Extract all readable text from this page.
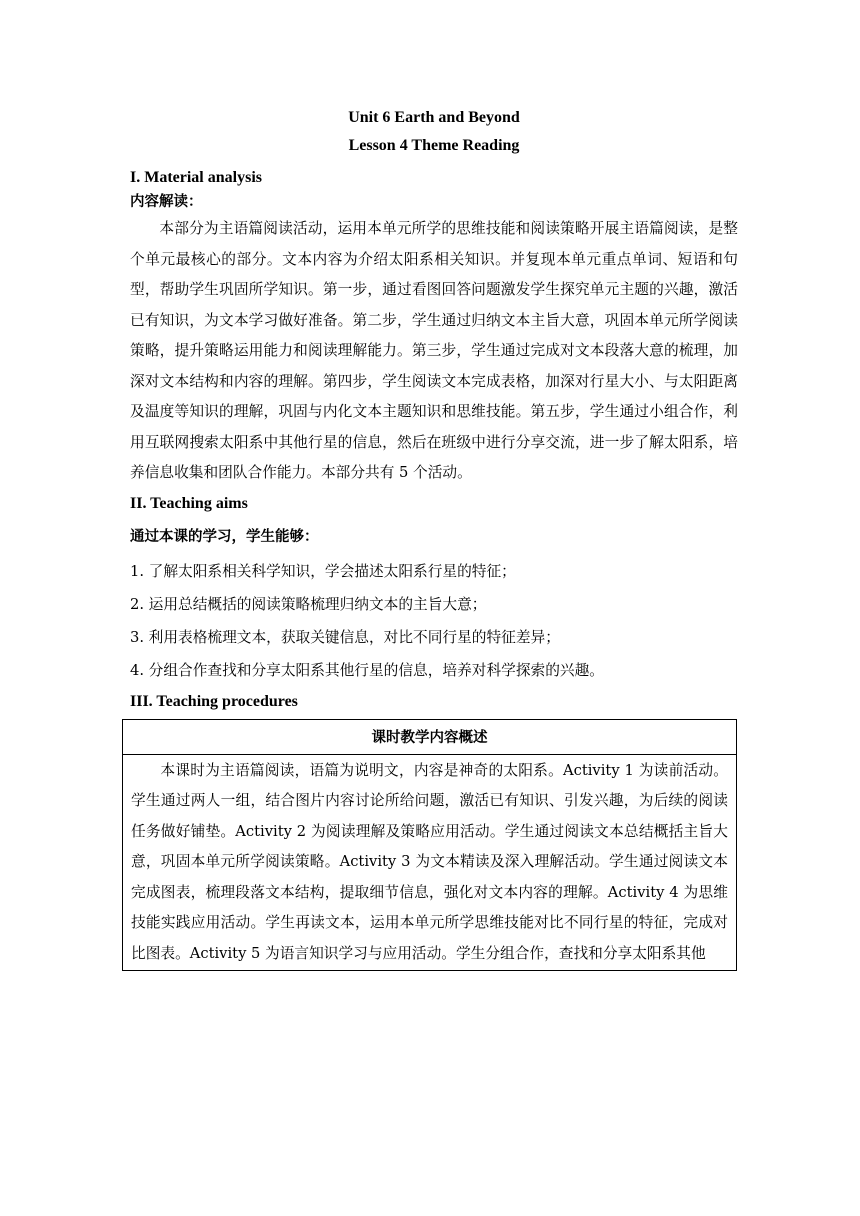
Unit 6 Earth and Beyond

Lesson 4 Theme Reading

I. Material analysis

内容解读：

本部分为主语篇阅读活动，运用本单元所学的思维技能和阅读策略开展主语篇阅读，是整个单元最核心的部分。文本内容为介绍太阳系相关知识。并复现本单元重点单词、短语和句型，帮助学生巩固所学知识。第一步，通过看图回答问题激发学生探究单元主题的兴趣，激活已有知识，为文本学习做好准备。第二步，学生通过归纳文本主旨大意，巩固本单元所学阅读策略，提升策略运用能力和阅读理解能力。第三步，学生通过完成对文本段落大意的梳理，加深对文本结构和内容的理解。第四步，学生阅读文本完成表格，加深对行星大小、与太阳距离及温度等知识的理解，巩固与内化文本主题知识和思维技能。第五步，学生通过小组合作，利用互联网搜索太阳系中其他行星的信息，然后在班级中进行分享交流，进一步了解太阳系，培养信息收集和团队合作能力。本部分共有 5 个活动。

II. Teaching aims

通过本课的学习，学生能够：

1. 了解太阳系相关科学知识，学会描述太阳系行星的特征；

2. 运用总结概括的阅读策略梳理归纳文本的主旨大意；

3. 利用表格梳理文本，获取关键信息，对比不同行星的特征差异；

4. 分组合作查找和分享太阳系其他行星的信息，培养对科学探索的兴趣。

III. Teaching procedures

课时教学内容概述
本课时为主语篇阅读，语篇为说明文，内容是神奇的太阳系。Activity 1 为读前活动。学生通过两人一组，结合图片内容讨论所给问题，激活已有知识、引发兴趣，为后续的阅读任务做好铺垫。Activity 2 为阅读理解及策略应用活动。学生通过阅读文本总结概括主旨大意，巩固本单元所学阅读策略。Activity 3 为文本精读及深入理解活动。学生通过阅读文本完成图表，梳理段落文本结构，提取细节信息，强化对文本内容的理解。Activity 4 为思维技能实践应用活动。学生再读文本，运用本单元所学思维技能对比不同行星的特征，完成对比图表。Activity 5 为语言知识学习与应用活动。学生分组合作，查找和分享太阳系其他
